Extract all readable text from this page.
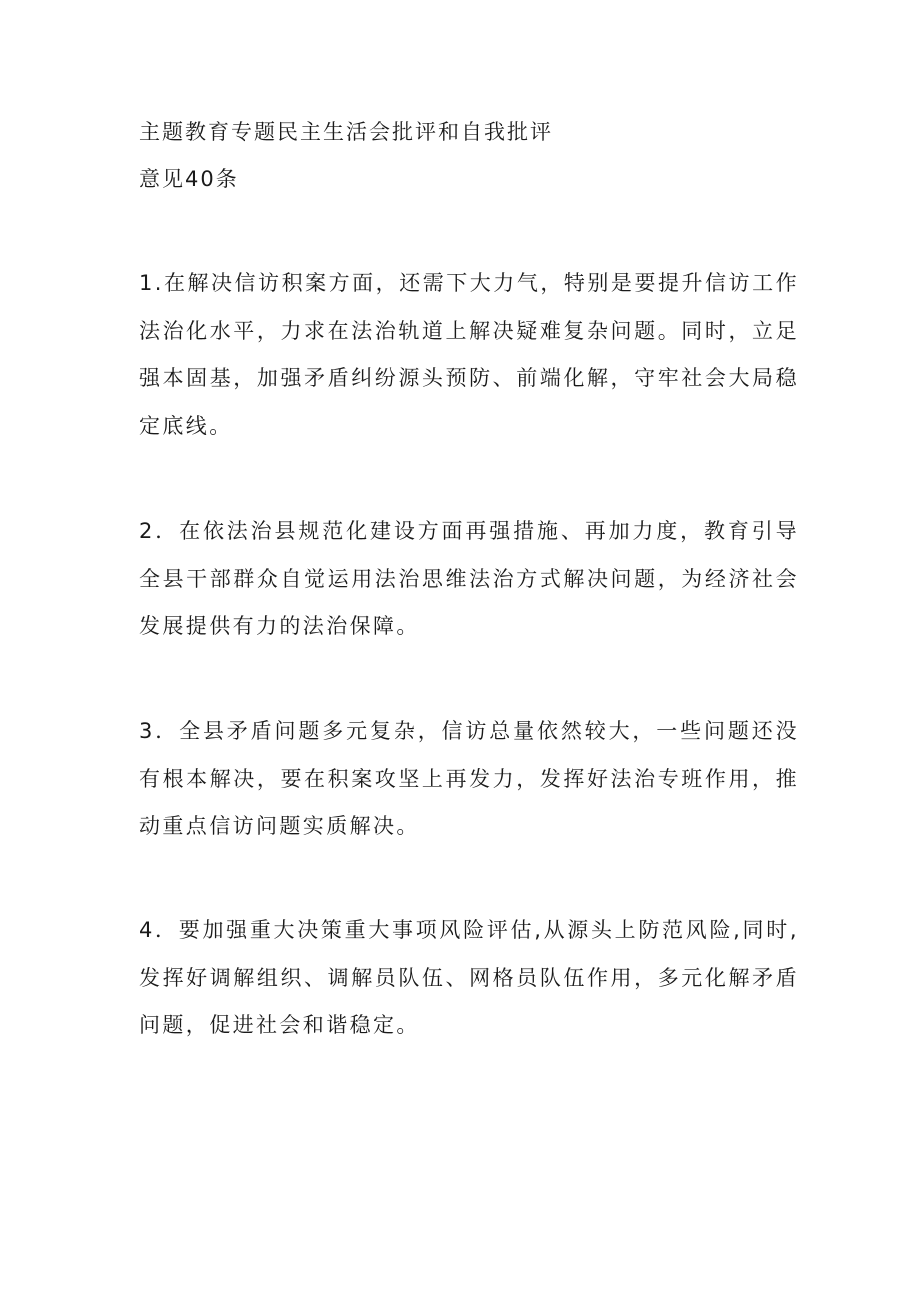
主题教育专题民主生活会批评和自我批评
意见40条

1.在解决信访积案方面，还需下大力气，特别是要提升信访工作法治化水平，力求在法治轨道上解决疑难复杂问题。同时，立足强本固基，加强矛盾纠纷源头预防、前端化解，守牢社会大局稳定底线。

2．在依法治县规范化建设方面再强措施、再加力度，教育引导全县干部群众自觉运用法治思维法治方式解决问题，为经济社会发展提供有力的法治保障。

3．全县矛盾问题多元复杂，信访总量依然较大，一些问题还没有根本解决，要在积案攻坚上再发力，发挥好法治专班作用，推动重点信访问题实质解决。

4．要加强重大决策重大事项风险评估,从源头上防范风险,同时,发挥好调解组织、调解员队伍、网格员队伍作用，多元化解矛盾问题，促进社会和谐稳定。
